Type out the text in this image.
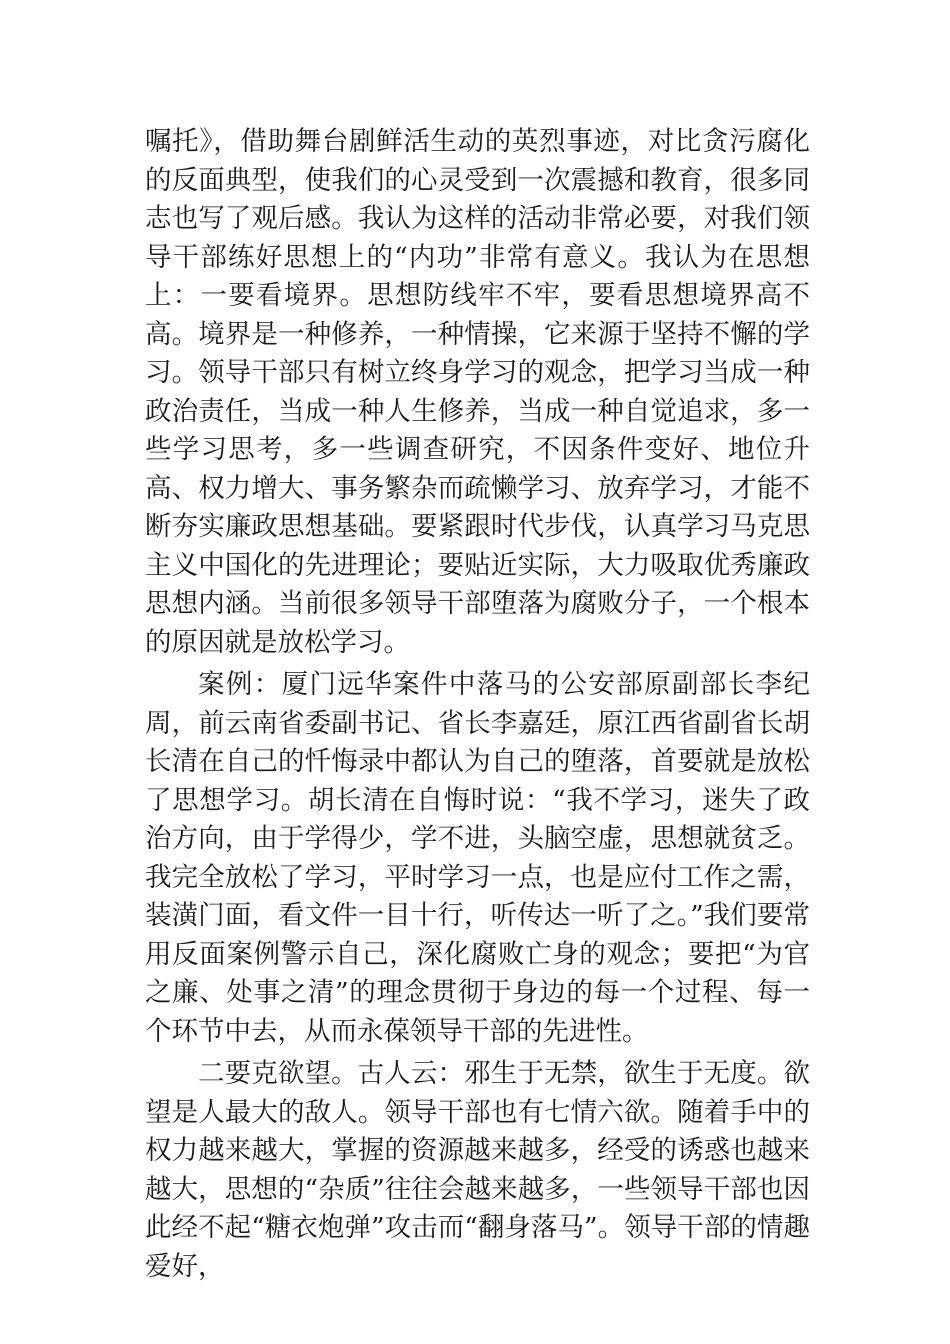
嘱托》，借助舞台剧鲜活生动的英烈事迹，对比贪污腐化的反面典型，使我们的心灵受到一次震撼和教育，很多同志也写了观后感。我认为这样的活动非常必要，对我们领导干部练好思想上的“内功”非常有意义。我认为在思想上：一要看境界。思想防线牢不牢，要看思想境界高不高。境界是一种修养，一种情操，它来源于坚持不懈的学习。领导干部只有树立终身学习的观念，把学习当成一种政治责任，当成一种人生修养，当成一种自觉追求，多一些学习思考，多一些调查研究，不因条件变好、地位升高、权力增大、事务繁杂而疏懒学习、放弃学习，才能不断夯实廉政思想基础。要紧跟时代步伐，认真学习马克思主义中国化的先进理论；要贴近实际，大力吸取优秀廉政思想内涵。当前很多领导干部堕落为腐败分子，一个根本的原因就是放松学习。

案例：厦门远华案件中落马的公安部原副部长李纪周，前云南省委副书记、省长李嘉廷，原江西省副省长胡长清在自己的忏悔录中都认为自己的堕落，首要就是放松了思想学习。胡长清在自悔时说：“我不学习，迷失了政治方向，由于学得少，学不进，头脑空虚，思想就贫乏。我完全放松了学习，平时学习一点，也是应付工作之需，装潢门面，看文件一目十行，听传达一听了之。”我们要常用反面案例警示自己，深化腐败亡身的观念；要把“为官之廉、处事之清”的理念贯彻于身边的每一个过程、每一个环节中去，从而永葆领导干部的先进性。

二要克欲望。古人云：邪生于无禁，欲生于无度。欲望是人最大的敌人。领导干部也有七情六欲。随着手中的权力越来越大，掌握的资源越来越多，经受的诱惑也越来越大，思想的“杂质”往往会越来越多，一些领导干部也因此经不起“糖衣炮弹”攻击而“翻身落马”。领导干部的情趣爱好，
